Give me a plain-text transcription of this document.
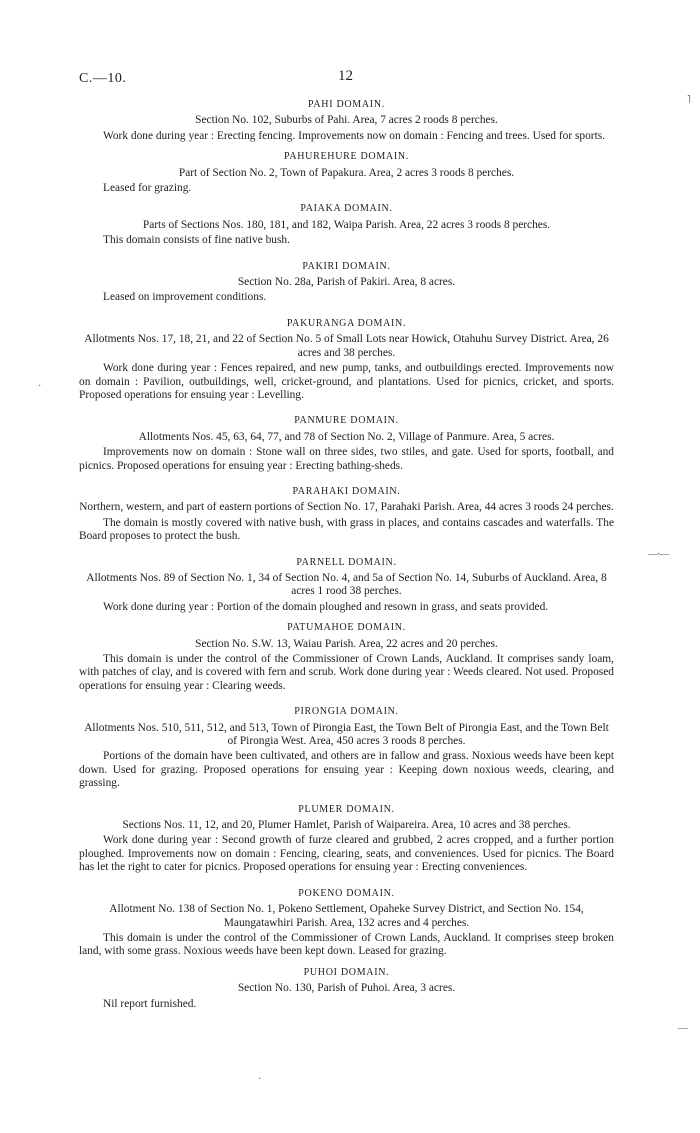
C.—10.	12
PAHI DOMAIN.
Section No. 102, Suburbs of Pahi. Area, 7 acres 2 roods 8 perches.

Work done during year : Erecting fencing. Improvements now on domain : Fencing and trees. Used for sports.

PAHUREHURE DOMAIN.
Part of Section No. 2, Town of Papakura. Area, 2 acres 3 roods 8 perches.

Leased for grazing.

PAIAKA DOMAIN.
Parts of Sections Nos. 180, 181, and 182, Waipa Parish. Area, 22 acres 3 roods 8 perches.

This domain consists of fine native bush.

PAKIRI DOMAIN.
Section No. 28a, Parish of Pakiri. Area, 8 acres.

Leased on improvement conditions.

PAKURANGA DOMAIN.
Allotments Nos. 17, 18, 21, and 22 of Section No. 5 of Small Lots near Howick, Otahuhu Survey District. Area, 26 acres and 38 perches.

Work done during year : Fences repaired, and new pump, tanks, and outbuildings erected. Improvements now on domain : Pavilion, outbuildings, well, cricket-ground, and plantations. Used for picnics, cricket, and sports. Proposed operations for ensuing year : Levelling.

PANMURE DOMAIN.
Allotments Nos. 45, 63, 64, 77, and 78 of Section No. 2, Village of Panmure. Area, 5 acres.

Improvements now on domain : Stone wall on three sides, two stiles, and gate. Used for sports, football, and picnics. Proposed operations for ensuing year : Erecting bathing-sheds.

PARAHAKI DOMAIN.
Northern, western, and part of eastern portions of Section No. 17, Parahaki Parish. Area, 44 acres 3 roods 24 perches.

The domain is mostly covered with native bush, with grass in places, and contains cascades and waterfalls. The Board proposes to protect the bush.

PARNELL DOMAIN.
Allotments Nos. 89 of Section No. 1, 34 of Section No. 4, and 5a of Section No. 14, Suburbs of Auckland. Area, 8 acres 1 rood 38 perches.

Work done during year : Portion of the domain ploughed and resown in grass, and seats provided.

PATUMAHOE DOMAIN.
Section No. S.W. 13, Waiau Parish. Area, 22 acres and 20 perches.

This domain is under the control of the Commissioner of Crown Lands, Auckland. It comprises sandy loam, with patches of clay, and is covered with fern and scrub. Work done during year : Weeds cleared. Not used. Proposed operations for ensuing year : Clearing weeds.

PIRONGIA DOMAIN.
Allotments Nos. 510, 511, 512, and 513, Town of Pirongia East, the Town Belt of Pirongia East, and the Town Belt of Pirongia West. Area, 450 acres 3 roods 8 perches.

Portions of the domain have been cultivated, and others are in fallow and grass. Noxious weeds have been kept down. Used for grazing. Proposed operations for ensuing year : Keeping down noxious weeds, clearing, and grassing.

PLUMER DOMAIN.
Sections Nos. 11, 12, and 20, Plumer Hamlet, Parish of Waipareira. Area, 10 acres and 38 perches.

Work done during year : Second growth of furze cleared and grubbed, 2 acres cropped, and a further portion ploughed. Improvements now on domain : Fencing, clearing, seats, and conveniences. Used for picnics. The Board has let the right to cater for picnics. Proposed operations for ensuing year : Erecting conveniences.

POKENO DOMAIN.
Allotment No. 138 of Section No. 1, Pokeno Settlement, Opaheke Survey District, and Section No. 154, Maungatawhiri Parish. Area, 132 acres and 4 perches.

This domain is under the control of the Commissioner of Crown Lands, Auckland. It comprises steep broken land, with some grass. Noxious weeds have been kept down. Leased for grazing.

PUHOI DOMAIN.
Section No. 130, Parish of Puhoi. Area, 3 acres.

Nil report furnished.

˥
—·—
—
·
·
